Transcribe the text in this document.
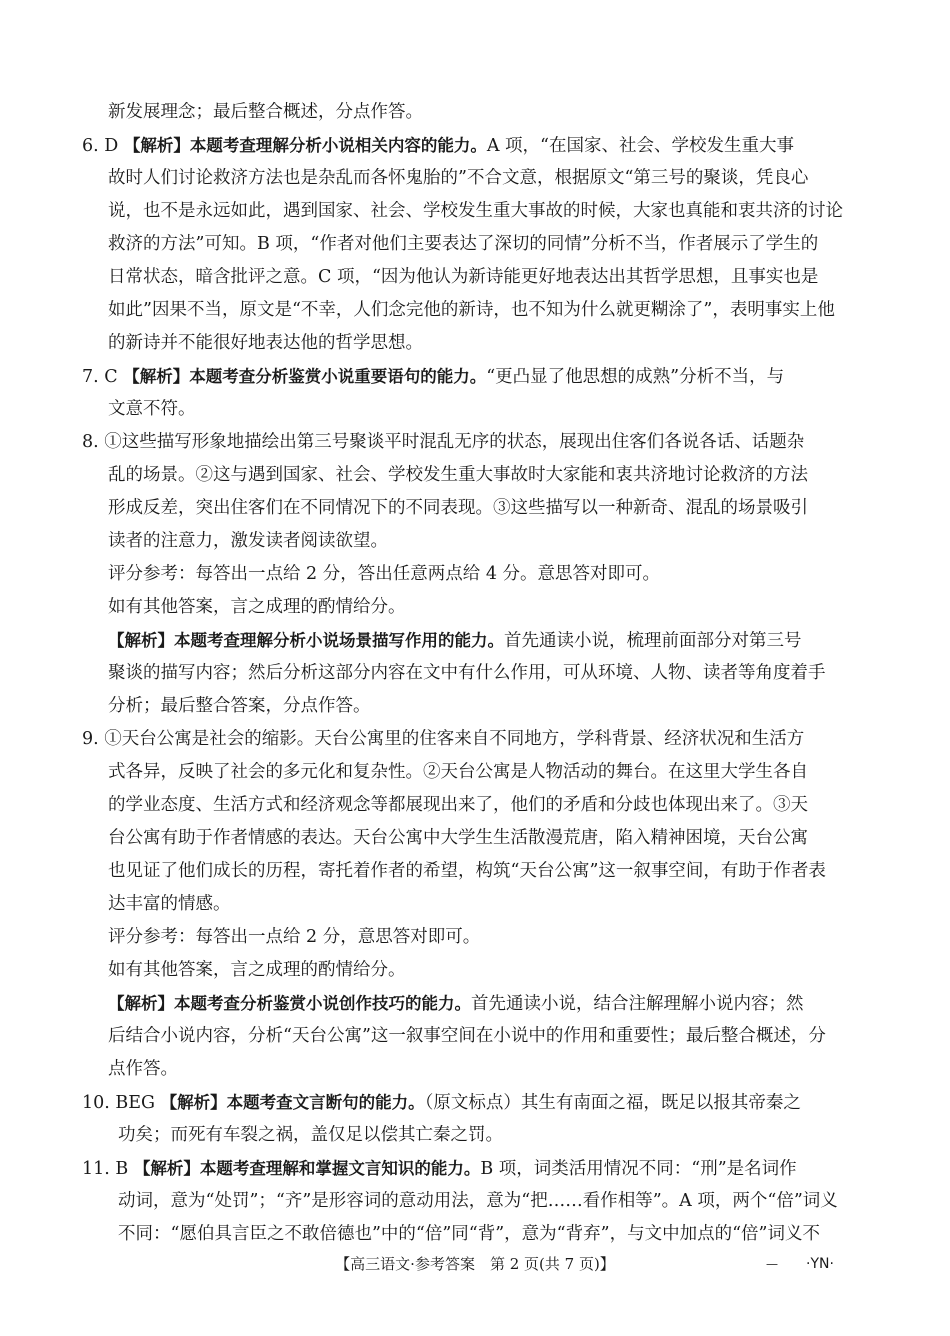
新发展理念；最后整合概述，分点作答。
6. D 【解析】本题考查理解分析小说相关内容的能力。A 项，“在国家、社会、学校发生重大事
故时人们讨论救济方法也是杂乱而各怀鬼胎的”不合文意，根据原文“第三号的聚谈，凭良心
说，也不是永远如此，遇到国家、社会、学校发生重大事故的时候，大家也真能和衷共济的讨论
救济的方法”可知。B 项，“作者对他们主要表达了深切的同情”分析不当，作者展示了学生的
日常状态，暗含批评之意。C 项，“因为他认为新诗能更好地表达出其哲学思想，且事实也是
如此”因果不当，原文是“不幸，人们念完他的新诗，也不知为什么就更糊涂了”，表明事实上他
的新诗并不能很好地表达他的哲学思想。
7. C 【解析】本题考查分析鉴赏小说重要语句的能力。“更凸显了他思想的成熟”分析不当，与
文意不符。
8. ①这些描写形象地描绘出第三号聚谈平时混乱无序的状态，展现出住客们各说各话、话题杂
乱的场景。②这与遇到国家、社会、学校发生重大事故时大家能和衷共济地讨论救济的方法
形成反差，突出住客们在不同情况下的不同表现。③这些描写以一种新奇、混乱的场景吸引
读者的注意力，激发读者阅读欲望。
评分参考：每答出一点给 2 分，答出任意两点给 4 分。意思答对即可。
如有其他答案，言之成理的酌情给分。
【解析】本题考查理解分析小说场景描写作用的能力。首先通读小说，梳理前面部分对第三号
聚谈的描写内容；然后分析这部分内容在文中有什么作用，可从环境、人物、读者等角度着手
分析；最后整合答案，分点作答。
9. ①天台公寓是社会的缩影。天台公寓里的住客来自不同地方，学科背景、经济状况和生活方
式各异，反映了社会的多元化和复杂性。②天台公寓是人物活动的舞台。在这里大学生各自
的学业态度、生活方式和经济观念等都展现出来了，他们的矛盾和分歧也体现出来了。③天
台公寓有助于作者情感的表达。天台公寓中大学生生活散漫荒唐，陷入精神困境，天台公寓
也见证了他们成长的历程，寄托着作者的希望，构筑“天台公寓”这一叙事空间，有助于作者表
达丰富的情感。
评分参考：每答出一点给 2 分，意思答对即可。
如有其他答案，言之成理的酌情给分。
【解析】本题考查分析鉴赏小说创作技巧的能力。首先通读小说，结合注解理解小说内容；然
后结合小说内容，分析“天台公寓”这一叙事空间在小说中的作用和重要性；最后整合概述，分
点作答。
10. BEG 【解析】本题考查文言断句的能力。（原文标点）其生有南面之福，既足以报其帝秦之
功矣；而死有车裂之祸，盖仅足以偿其亡秦之罚。
11. B 【解析】本题考查理解和掌握文言知识的能力。B 项，词类活用情况不同：“刑”是名词作
动词，意为“处罚”；“齐”是形容词的意动用法，意为“把……看作相等”。A 项，两个“倍”词义
不同：“愿伯具言臣之不敢倍德也”中的“倍”同“背”，意为“背弃”，与文中加点的“倍”词义不
【高三语文·参考答案　第 2 页(共 7 页)】	— ·YN·
